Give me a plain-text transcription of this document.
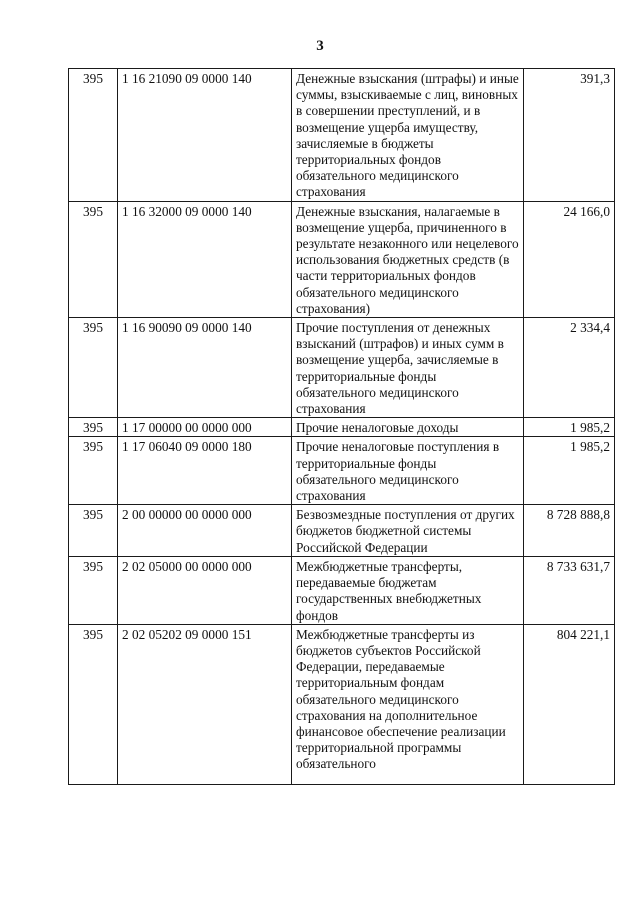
3
395	1 16 21090 09 0000 140	Денежные взыскания (штрафы) и иные суммы, взыскиваемые с лиц, виновных в совершении преступлений, и в возмещение ущерба имуществу, зачисляемые в бюджеты территориальных фондов обязательного медицинского страхования	391,3
395	1 16 32000 09 0000 140	Денежные взыскания, налагаемые в возмещение ущерба, причиненного в результате незаконного или нецелевого использования бюджетных средств (в части территориальных фондов обязательного медицинского страхования)	24 166,0
395	1 16 90090 09 0000 140	Прочие поступления от денежных взысканий (штрафов) и иных сумм в возмещение ущерба, зачисляемые в территориальные фонды обязательного медицинского страхования	2 334,4
395	1 17 00000 00 0000 000	Прочие неналоговые доходы	1 985,2
395	1 17 06040 09 0000 180	Прочие неналоговые поступления в территориальные фонды обязательного медицинского страхования	1 985,2
395	2 00 00000 00 0000 000	Безвозмездные поступления от других бюджетов бюджетной системы Российской Федерации	8 728 888,8
395	2 02 05000 00 0000 000	Межбюджетные трансферты, передаваемые бюджетам государственных внебюджетных фондов	8 733 631,7
395	2 02 05202 09 0000 151	Межбюджетные трансферты из бюджетов субъектов Российской Федерации, передаваемые территориальным фондам обязательного медицинского страхования на дополнительное финансовое обеспечение реализации территориальной программы обязательного	804 221,1
